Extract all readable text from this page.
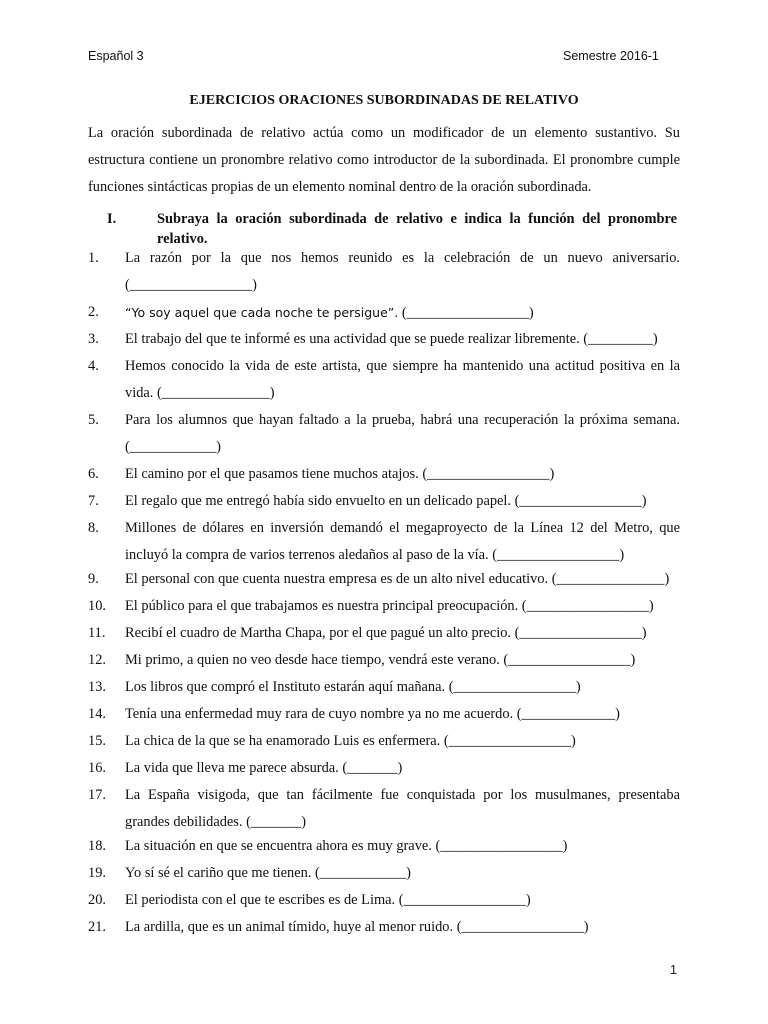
Español 3	Semestre 2016-1
EJERCICIOS ORACIONES SUBORDINADAS DE RELATIVO
La oración subordinada de relativo actúa como un modificador de un elemento sustantivo. Su estructura contiene un pronombre relativo como introductor de la subordinada. El pronombre cumple funciones sintácticas propias de un elemento nominal dentro de la oración subordinada.
I.	Subraya la oración subordinada de relativo e indica la función del pronombre relativo.
1. La razón por la que nos hemos reunido es la celebración de un nuevo aniversario.
(_________________)
2. “Yo soy aquel que cada noche te persigue”. (_________________)
3. El trabajo del que te informé es una actividad que se puede realizar libremente. (_________)
4. Hemos conocido la vida de este artista, que siempre ha mantenido una actitud positiva en la
vida. (_______________)
5. Para los alumnos que hayan faltado a la prueba, habrá una recuperación la próxima semana.
(____________)
6. El camino por el que pasamos tiene muchos atajos. (_________________)
7. El regalo que me entregó había sido envuelto en un delicado papel. (_________________)
8. Millones de dólares en inversión demandó el megaproyecto de la Línea 12 del Metro, que
incluyó la compra de varios terrenos aledaños al paso de la vía. (_________________)
9. El personal con que cuenta nuestra empresa es de un alto nivel educativo. (_______________)
10. El público para el que trabajamos es nuestra principal preocupación. (_________________)
11. Recibí el cuadro de Martha Chapa, por el que pagué un alto precio. (_________________)
12. Mi primo, a quien no veo desde hace tiempo, vendrá este verano. (_________________)
13. Los libros que compró el Instituto estarán aquí mañana. (_________________)
14. Tenía una enfermedad muy rara de cuyo nombre ya no me acuerdo. (_____________)
15. La chica de la que se ha enamorado Luis es enfermera. (_________________)
16. La vida que lleva me parece absurda. (_______)
17. La España visigoda, que tan fácilmente fue conquistada por los musulmanes, presentaba
grandes debilidades. (_______)
18. La situación en que se encuentra ahora es muy grave. (_________________)
19. Yo sí sé el cariño que me tienen. (____________)
20. El periodista con el que te escribes es de Lima. (_________________)
21. La ardilla, que es un animal tímido, huye al menor ruido. (_________________)
1
